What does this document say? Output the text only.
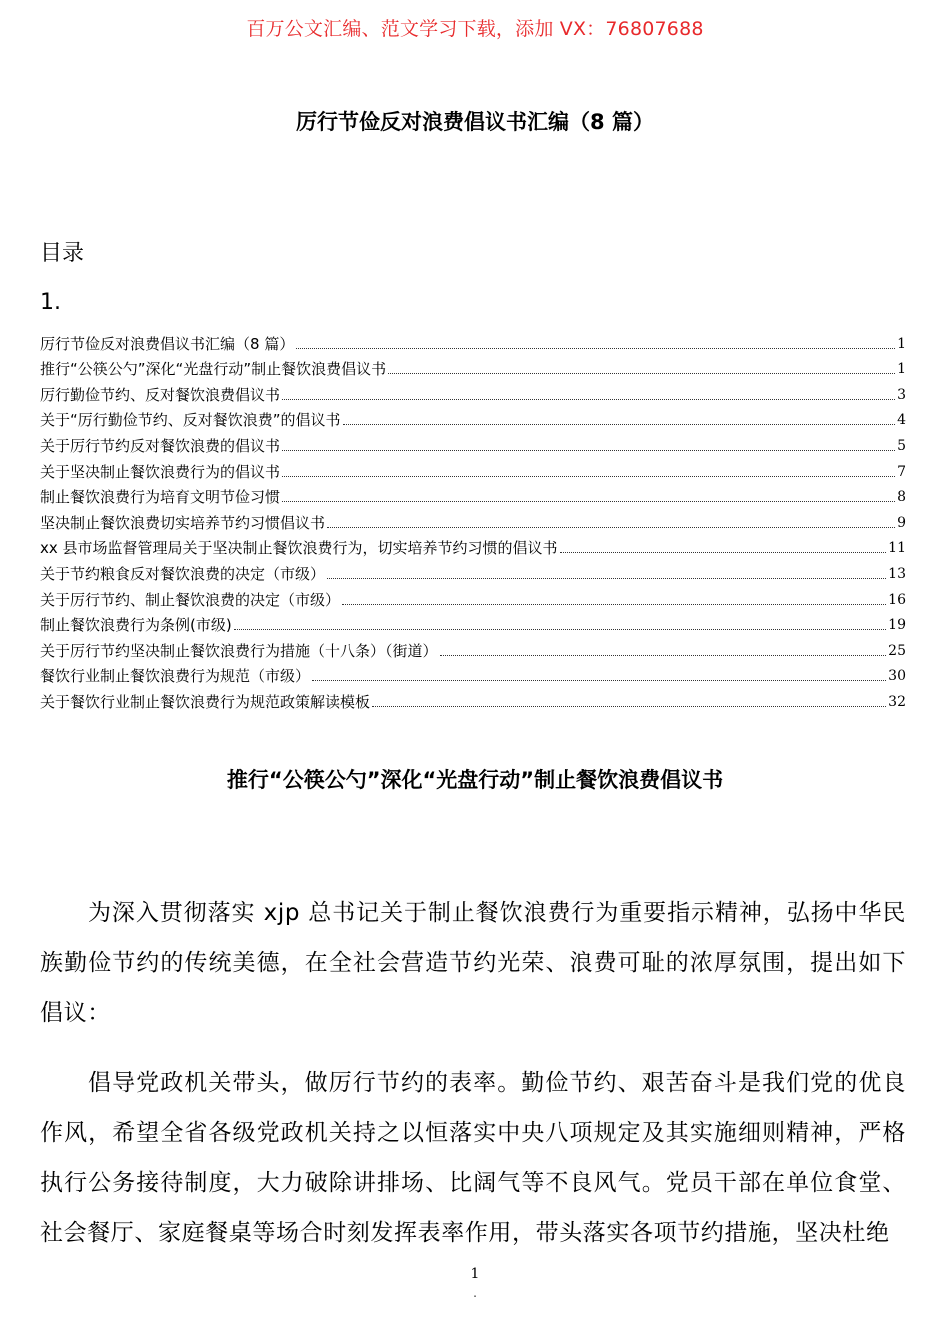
百万公文汇编、范文学习下载，添加 VX：76807688
厉行节俭反对浪费倡议书汇编（8 篇）
目录
1.
厉行节俭反对浪费倡议书汇编（8 篇）	1
推行“公筷公勺”深化“光盘行动”制止餐饮浪费倡议书	1
厉行勤俭节约、反对餐饮浪费倡议书	3
关于“厉行勤俭节约、反对餐饮浪费”的倡议书	4
关于厉行节约反对餐饮浪费的倡议书	5
关于坚决制止餐饮浪费行为的倡议书	7
制止餐饮浪费行为培育文明节俭习惯	8
坚决制止餐饮浪费切实培养节约习惯倡议书	9
xx 县市场监督管理局关于坚决制止餐饮浪费行为，切实培养节约习惯的倡议书	11
关于节约粮食反对餐饮浪费的决定（市级）	13
关于厉行节约、制止餐饮浪费的决定（市级）	16
制止餐饮浪费行为条例(市级)	19
关于厉行节约坚决制止餐饮浪费行为措施（十八条）（街道）	25
餐饮行业制止餐饮浪费行为规范（市级）	30
关于餐饮行业制止餐饮浪费行为规范政策解读模板	32
推行“公筷公勺”深化“光盘行动”制止餐饮浪费倡议书

为深入贯彻落实 xjp 总书记关于制止餐饮浪费行为重要指示精神，弘扬中华民族勤俭节约的传统美德，在全社会营造节约光荣、浪费可耻的浓厚氛围，提出如下倡议：

倡导党政机关带头，做厉行节约的表率。勤俭节约、艰苦奋斗是我们党的优良作风，希望全省各级党政机关持之以恒落实中央八项规定及其实施细则精神，严格执行公务接待制度，大力破除讲排场、比阔气等不良风气。党员干部在单位食堂、社会餐厅、家庭餐桌等场合时刻发挥表率作用，带头落实各项节约措施，坚决杜绝

1
.
